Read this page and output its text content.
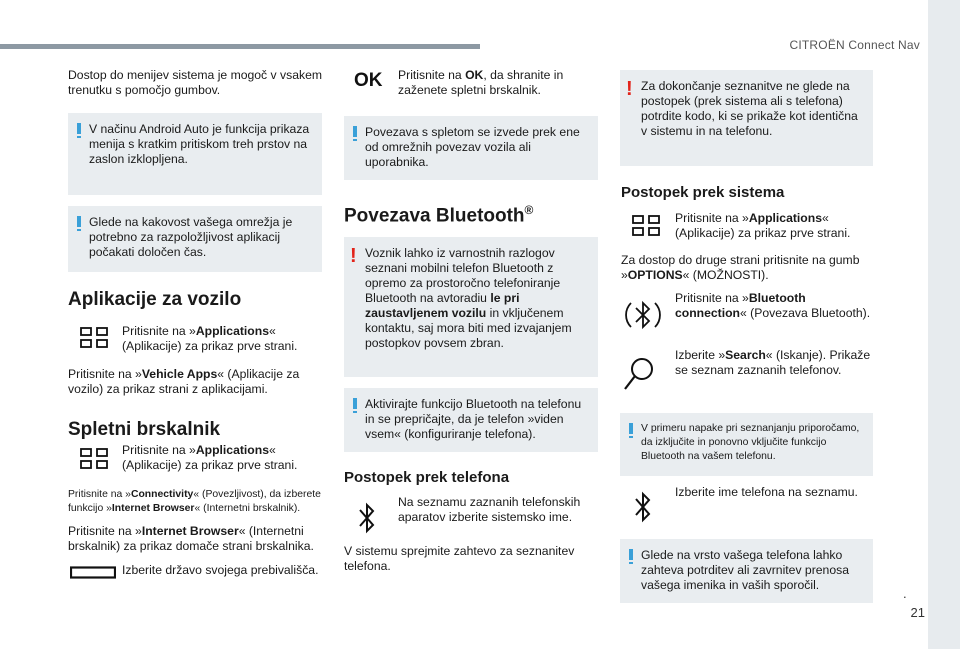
CITROËN Connect Nav
.
21
Dostop do menijev sistema je mogoč v vsakem trenutku s pomočjo gumbov.
V načinu Android Auto je funkcija prikaza menija s kratkim pritiskom treh prstov na zaslon izklopljena.
Glede na kakovost vašega omrežja je potrebno za razpoložljivost aplikacij počakati določen čas.
Aplikacije za vozilo
Pritisnite na »Applications« (Aplikacije) za prikaz prve strani.
Pritisnite na »Vehicle Apps« (Aplikacije za vozilo) za prikaz strani z aplikacijami.
Spletni brskalnik
Pritisnite na »Applications« (Aplikacije) za prikaz prve strani.
Pritisnite na »Connectivity« (Povezljivost), da izberete funkcijo »Internet Browser« (Internetni brskalnik).
Pritisnite na »Internet Browser« (Internetni brskalnik) za prikaz domače strani brskalnika.
Izberite državo svojega prebivališča.
OK Pritisnite na OK, da shranite in zaženete spletni brskalnik.
Povezava s spletom se izvede prek ene od omrežnih povezav vozila ali uporabnika.
Povezava Bluetooth®
! Voznik lahko iz varnostnih razlogov seznani mobilni telefon Bluetooth z opremo za prostoročno telefoniranje Bluetooth na avtoradiu le pri zaustavljenem vozilu in vključenem kontaktu, saj mora biti med izvajanjem postopkov povsem zbran.
Aktivirajte funkcijo Bluetooth na telefonu in se prepričajte, da je telefon »viden vsem« (konfiguriranje telefona).
Postopek prek telefona
Na seznamu zaznanih telefonskih aparatov izberite sistemsko ime.
V sistemu sprejmite zahtevo za seznanitev telefona.
! Za dokončanje seznanitve ne glede na postopek (prek sistema ali s telefona) potrdite kodo, ki se prikaže kot identična v sistemu in na telefonu.
Postopek prek sistema
Pritisnite na »Applications« (Aplikacije) za prikaz prve strani.
Za dostop do druge strani pritisnite na gumb »OPTIONS« (MOŽNOSTI).
Pritisnite na »Bluetooth connection« (Povezava Bluetooth).
Izberite »Search« (Iskanje). Prikaže se seznam zaznanih telefonov.
V primeru napake pri seznanjanju priporočamo, da izključite in ponovno vključite funkcijo Bluetooth na vašem telefonu.
Izberite ime telefona na seznamu.
Glede na vrsto vašega telefona lahko zahteva potrditev ali zavrnitev prenosa vašega imenika in vaših sporočil.
